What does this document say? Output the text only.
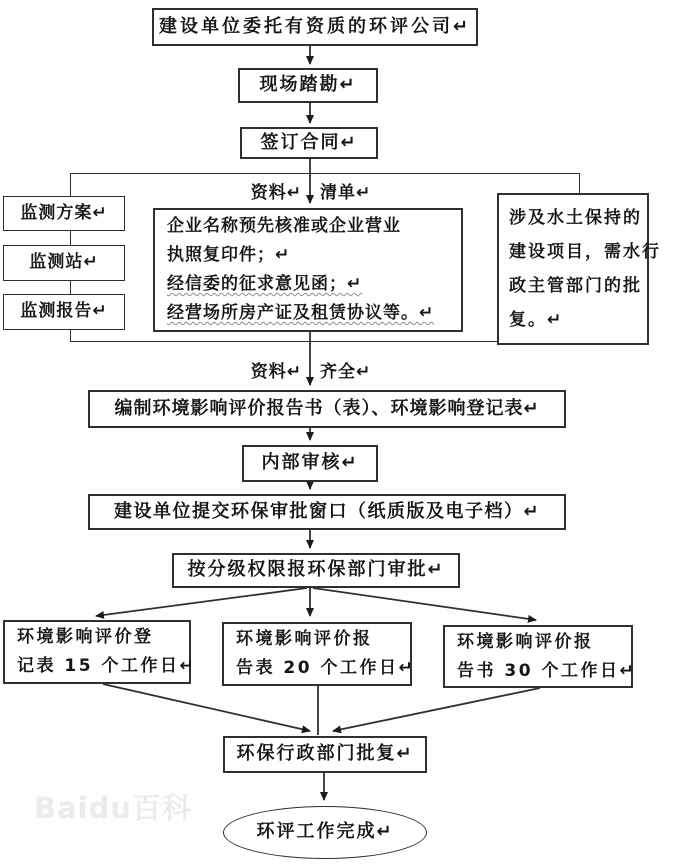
建设单位委托有资质的环评公司↵
现场踏勘↵
签订合同↵
资料↵ 清单↵
监测方案↵
监测站↵
监测报告↵
企业名称预先核准或企业营业
执照复印件；↵
经信委的征求意见函；↵
经营场所房产证及租赁协议等。↵
涉及水土保持的
建设项目，需水行
政主管部门的批
复。↵
资料↵ 齐全↵
编制环境影响评价报告书（表）、环境影响登记表↵
内部审核↵
建设单位提交环保审批窗口（纸质版及电子档）↵
按分级权限报环保部门审批↵
环境影响评价登
记表 15 个工作日↵
环境影响评价报
告表 20 个工作日↵
环境影响评价报
告书 30 个工作日↵
环保行政部门批复↵
环评工作完成↵
Baidu百科
